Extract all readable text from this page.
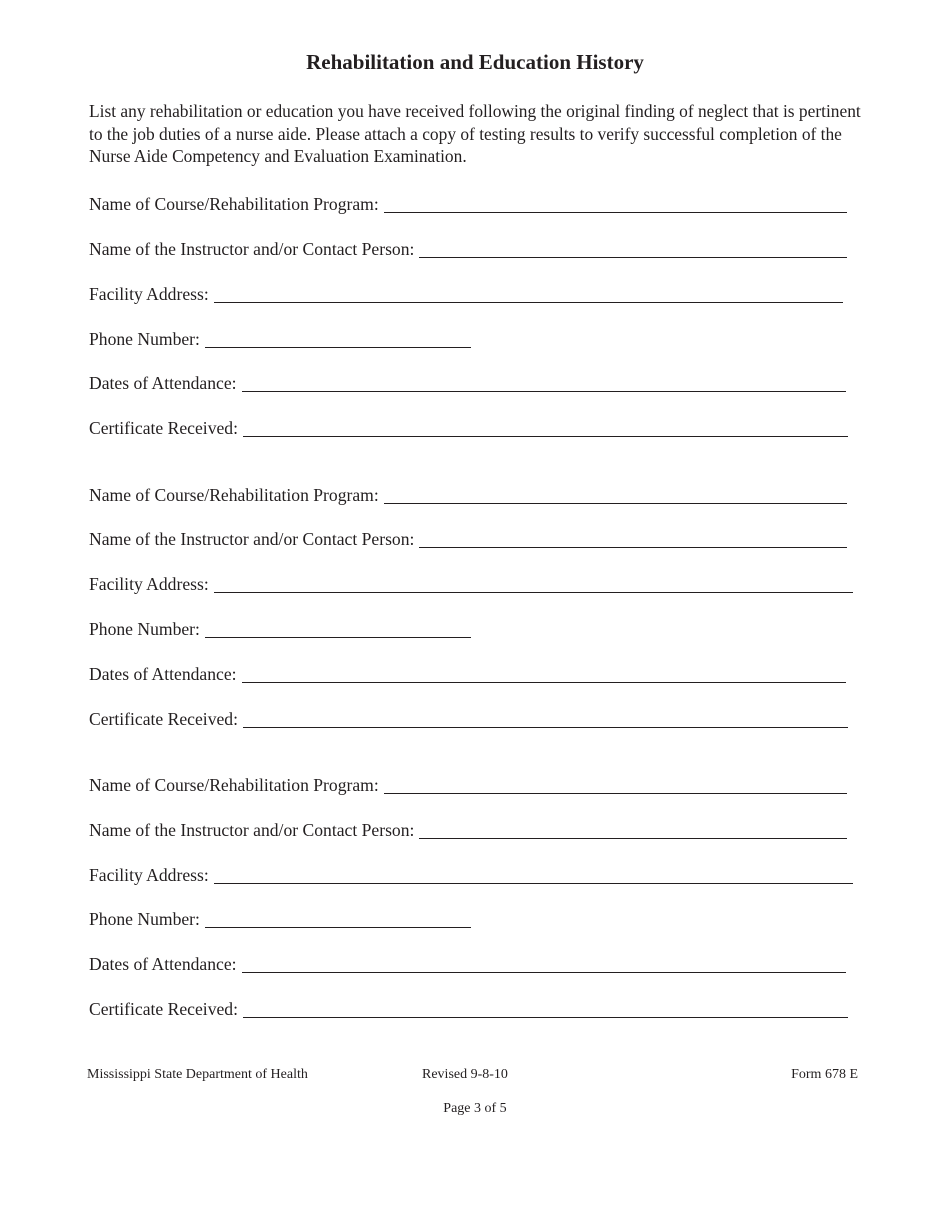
Rehabilitation and Education History

List any rehabilitation or education you have received following the original finding of neglect that is pertinent to the job duties of a nurse aide. Please attach a copy of testing results to verify successful completion of the Nurse Aide Competency and Evaluation Examination.

Name of Course/Rehabilitation Program:
Name of the Instructor and/or Contact Person:
Facility Address:
Phone Number:
Dates of Attendance:
Certificate Received:
Name of Course/Rehabilitation Program:
Name of the Instructor and/or Contact Person:
Facility Address:
Phone Number:
Dates of Attendance:
Certificate Received:
Name of Course/Rehabilitation Program:
Name of the Instructor and/or Contact Person:
Facility Address:
Phone Number:
Dates of Attendance:
Certificate Received:
Mississippi State Department of Health	Revised 9-8-10	Form 678 E
Page 3 of 5
